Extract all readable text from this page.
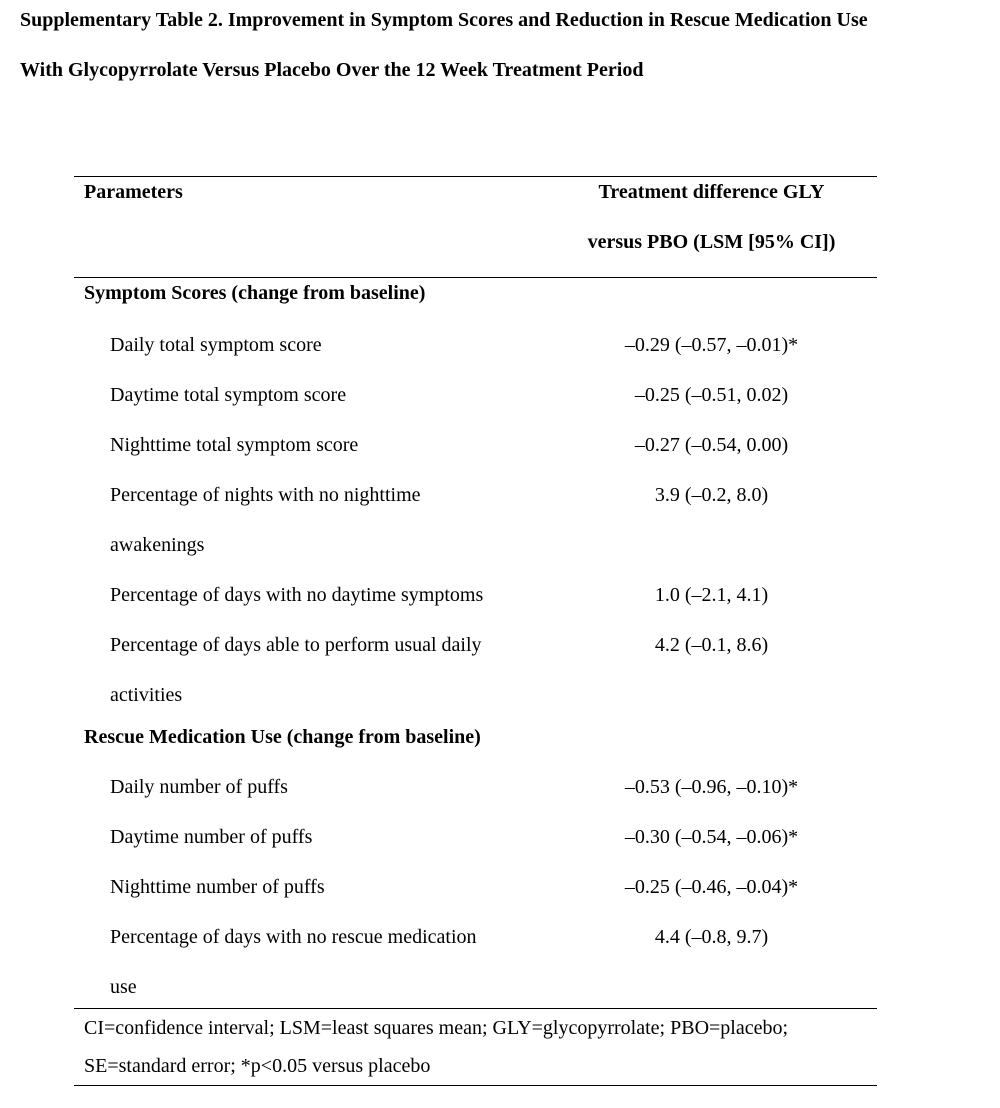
Supplementary Table 2. Improvement in Symptom Scores and Reduction in Rescue Medication Use
With Glycopyrrolate Versus Placebo Over the 12 Week Treatment Period
Parameters	Treatment difference GLY
versus PBO (LSM [95% CI])
Symptom Scores (change from baseline)
Daily total symptom score	–0.29 (–0.57, –0.01)*
Daytime total symptom score	–0.25 (–0.51, 0.02)
Nighttime total symptom score	–0.27 (–0.54, 0.00)
Percentage of nights with no nighttime	3.9 (–0.2, 8.0)
awakenings
Percentage of days with no daytime symptoms	1.0 (–2.1, 4.1)
Percentage of days able to perform usual daily	4.2 (–0.1, 8.6)
activities
Rescue Medication Use (change from baseline)
Daily number of puffs	–0.53 (–0.96, –0.10)*
Daytime number of puffs	–0.30 (–0.54, –0.06)*
Nighttime number of puffs	–0.25 (–0.46, –0.04)*
Percentage of days with no rescue medication	4.4 (–0.8, 9.7)
use
CI=confidence interval; LSM=least squares mean; GLY=glycopyrrolate; PBO=placebo;
SE=standard error; *p<0.05 versus placebo
